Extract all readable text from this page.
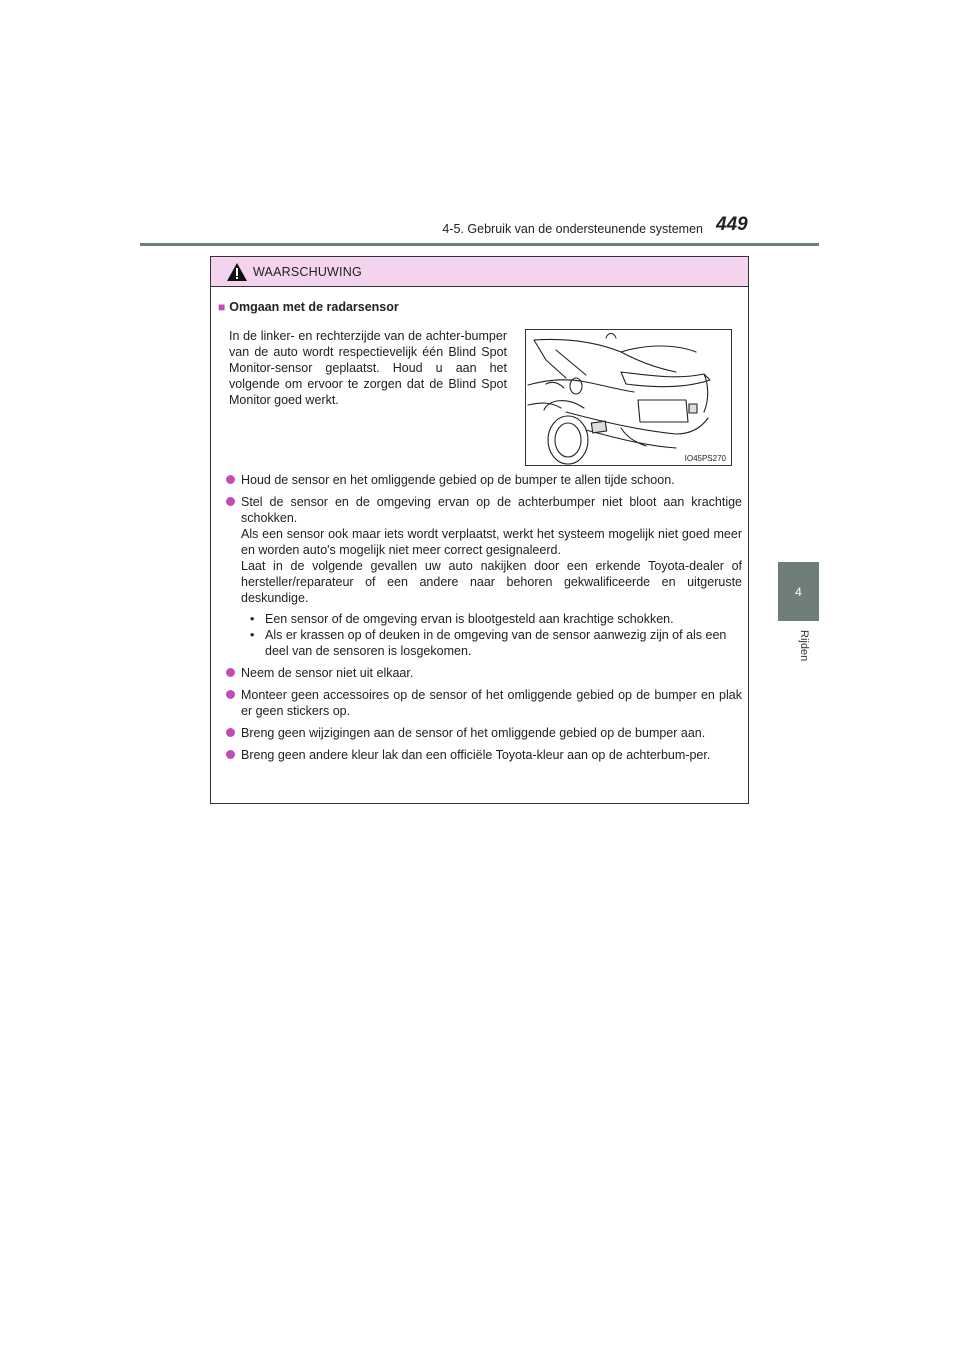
4-5. Gebruik van de ondersteunende systemen 449
4
Rijden
WAARSCHUWING
■ Omgaan met de radarsensor
In de linker- en rechterzijde van de achter-bumper van de auto wordt respectievelijk één Blind Spot Monitor-sensor geplaatst. Houd u aan het volgende om ervoor te zorgen dat de Blind Spot Monitor goed werkt.
IO45PS270

Houd de sensor en het omliggende gebied op de bumper te allen tijde schoon.

Stel de sensor en de omgeving ervan op de achterbumper niet bloot aan krachtige schokken.

Als een sensor ook maar iets wordt verplaatst, werkt het systeem mogelijk niet goed meer en worden auto's mogelijk niet meer correct gesignaleerd.

Laat in de volgende gevallen uw auto nakijken door een erkende Toyota-dealer of hersteller/reparateur of een andere naar behoren gekwalificeerde en uitgeruste deskundige.

• Een sensor of de omgeving ervan is blootgesteld aan krachtige schokken.
• Als er krassen op of deuken in de omgeving van de sensor aanwezig zijn of als een deel van de sensoren is losgekomen.

Neem de sensor niet uit elkaar.

Monteer geen accessoires op de sensor of het omliggende gebied op de bumper en plak er geen stickers op.

Breng geen wijzigingen aan de sensor of het omliggende gebied op de bumper aan.

Breng geen andere kleur lak dan een officiële Toyota-kleur aan op de achterbum-per.
